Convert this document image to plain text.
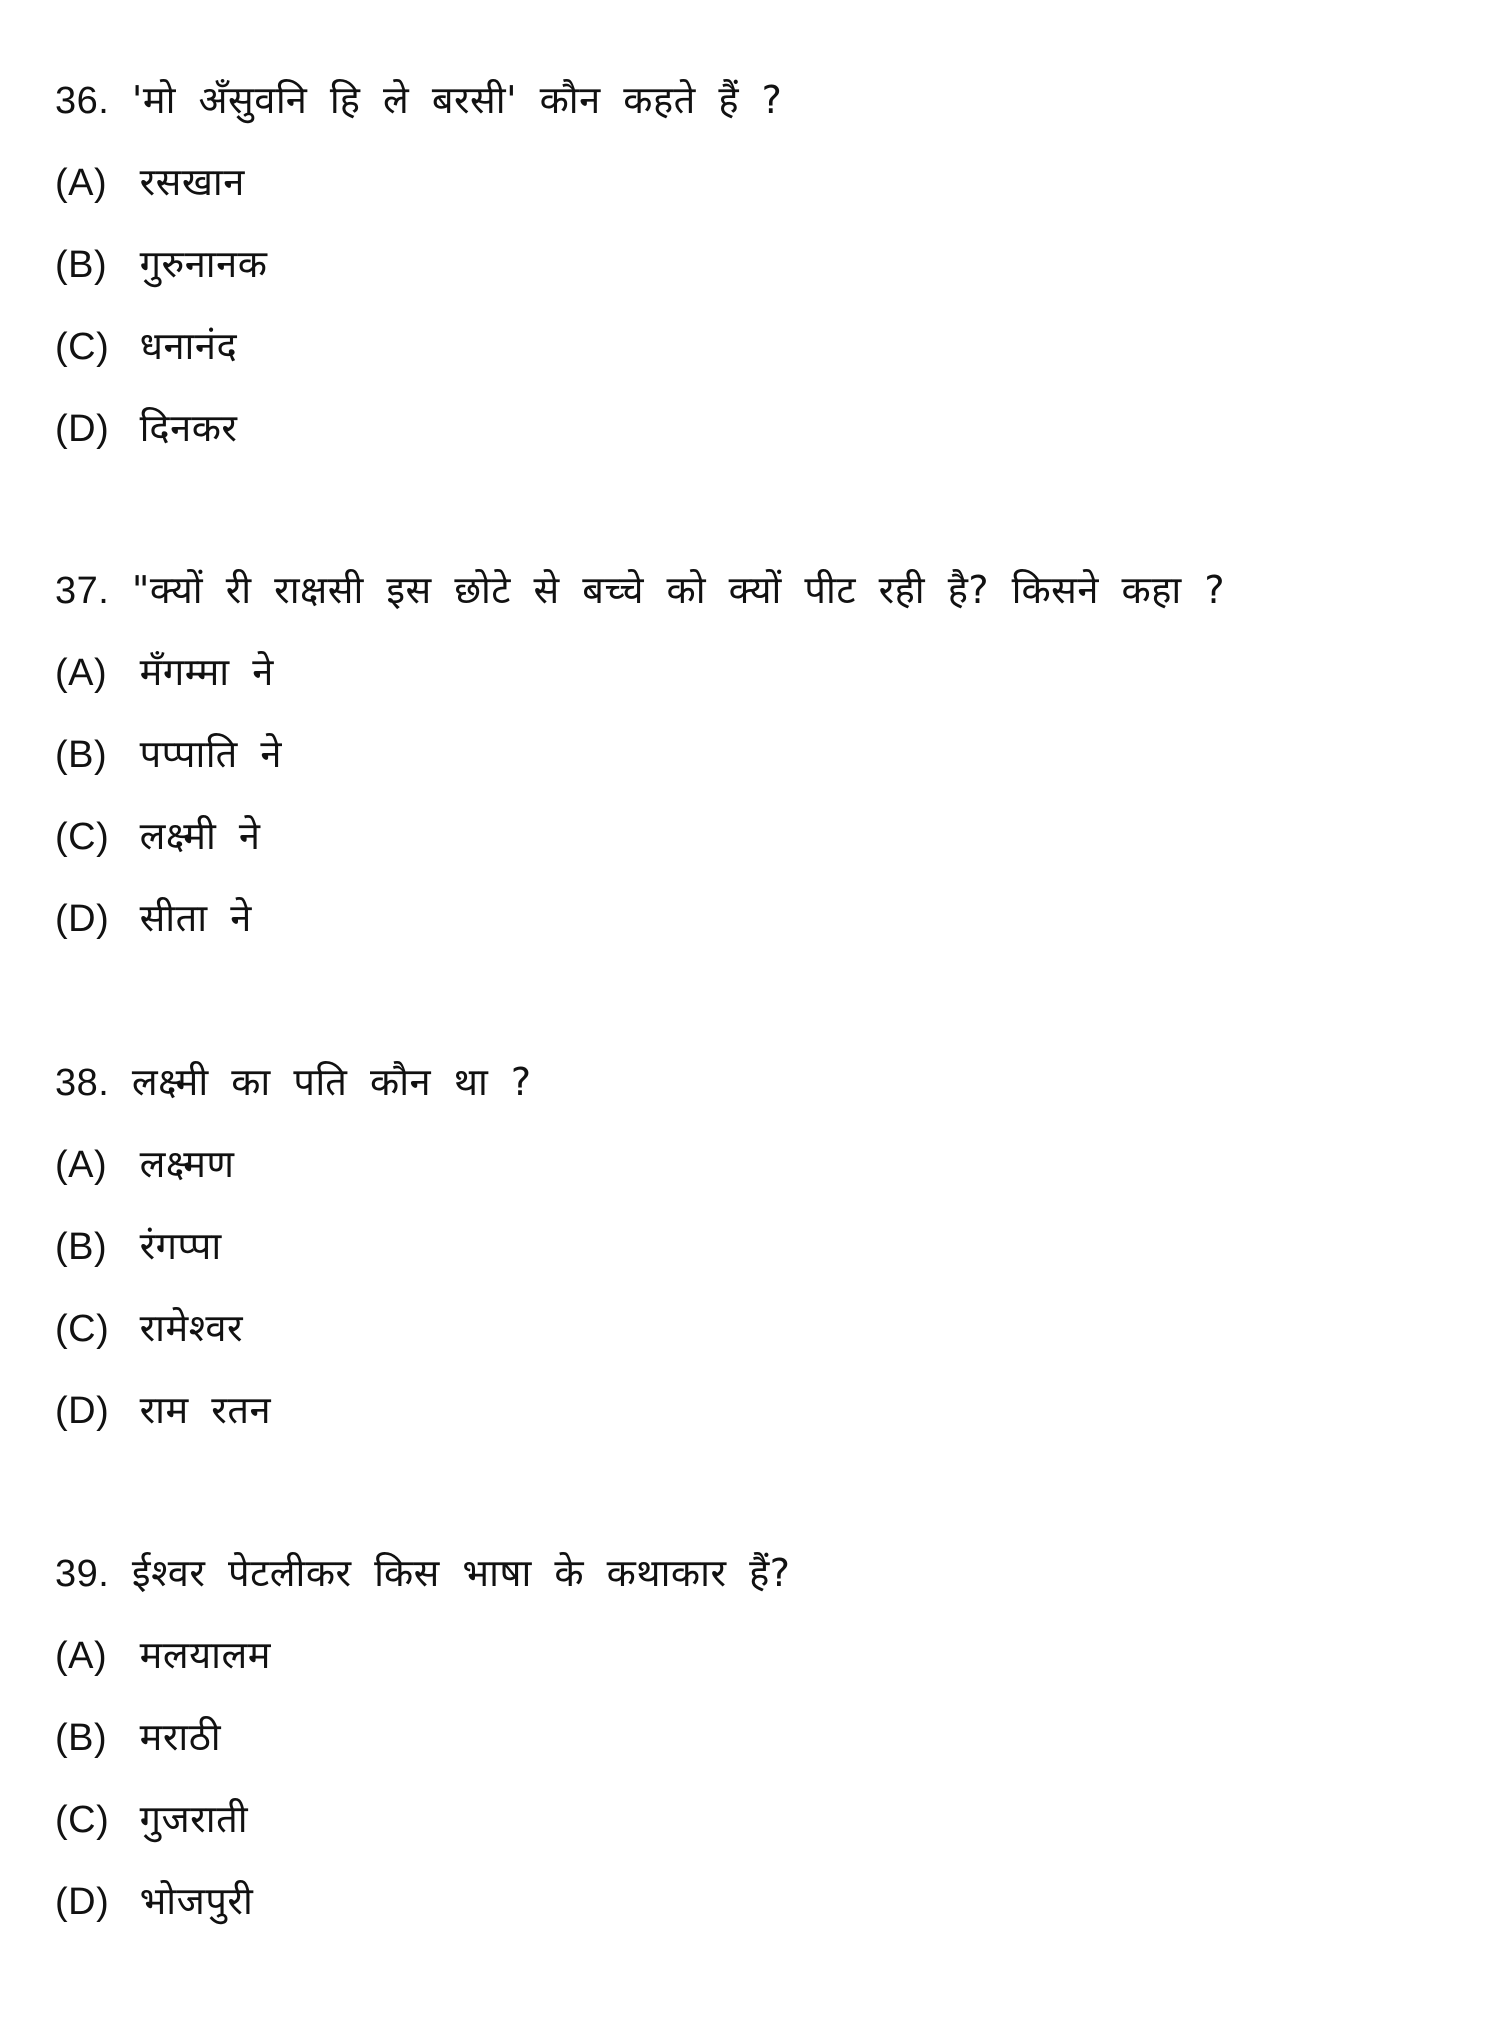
36. 'मो अँसुवनि हि ले बरसी' कौन कहते हैं ?
(A) रसखान
(B) गुरुनानक
(C) धनानंद
(D) दिनकर
37. "क्यों री राक्षसी इस छोटे से बच्चे को क्यों पीट रही है? किसने कहा ?
(A) मँगम्मा ने
(B) पप्पाति ने
(C) लक्ष्मी ने
(D) सीता ने
38. लक्ष्मी का पति कौन था ?
(A) लक्ष्मण
(B) रंगप्पा
(C) रामेश्वर
(D) राम रतन
39. ईश्वर पेटलीकर किस भाषा के कथाकार हैं?
(A) मलयालम
(B) मराठी
(C) गुजराती
(D) भोजपुरी
